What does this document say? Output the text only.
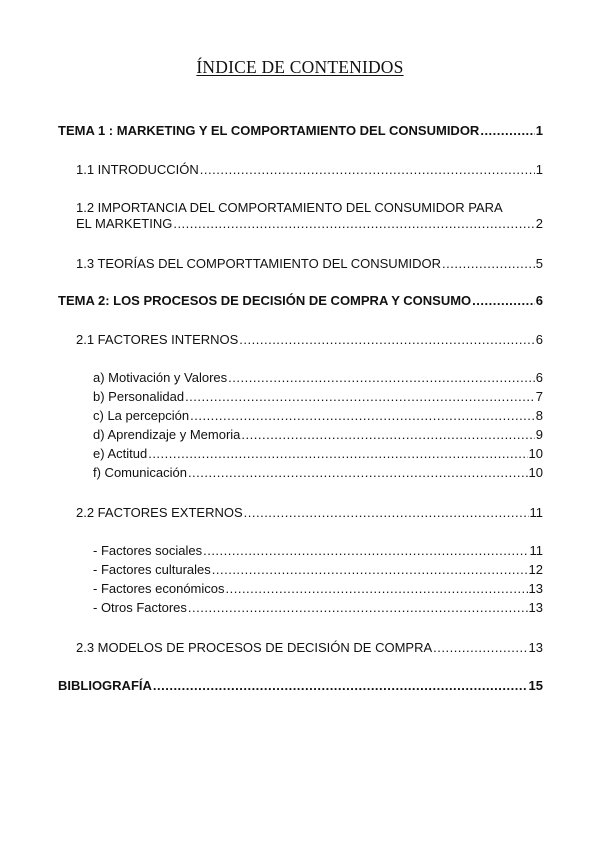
ÍNDICE DE CONTENIDOS
TEMA 1 : MARKETING Y EL COMPORTAMIENTO DEL CONSUMIDOR .....	1
1.1 INTRODUCCIÓN .....	1
1.2 IMPORTANCIA DEL COMPORTAMIENTO DEL CONSUMIDOR PARA
EL MARKETING .....	2
1.3 TEORÍAS DEL COMPORTTAMIENTO DEL CONSUMIDOR .....	5
TEMA 2: LOS PROCESOS DE DECISIÓN DE COMPRA Y CONSUMO .....	6
2.1 FACTORES INTERNOS .....	6
a) Motivación y Valores .....	6
b) Personalidad .....	7
c) La percepción .....	8
d) Aprendizaje y Memoria .....	9
e) Actitud .....	10
f) Comunicación .....	10
2.2 FACTORES EXTERNOS .....	11
- Factores sociales .....	11
- Factores culturales .....	12
- Factores económicos .....	13
- Otros Factores .....	13
2.3 MODELOS DE PROCESOS DE DECISIÓN DE COMPRA .....	13
BIBLIOGRAFÍA .....	15
